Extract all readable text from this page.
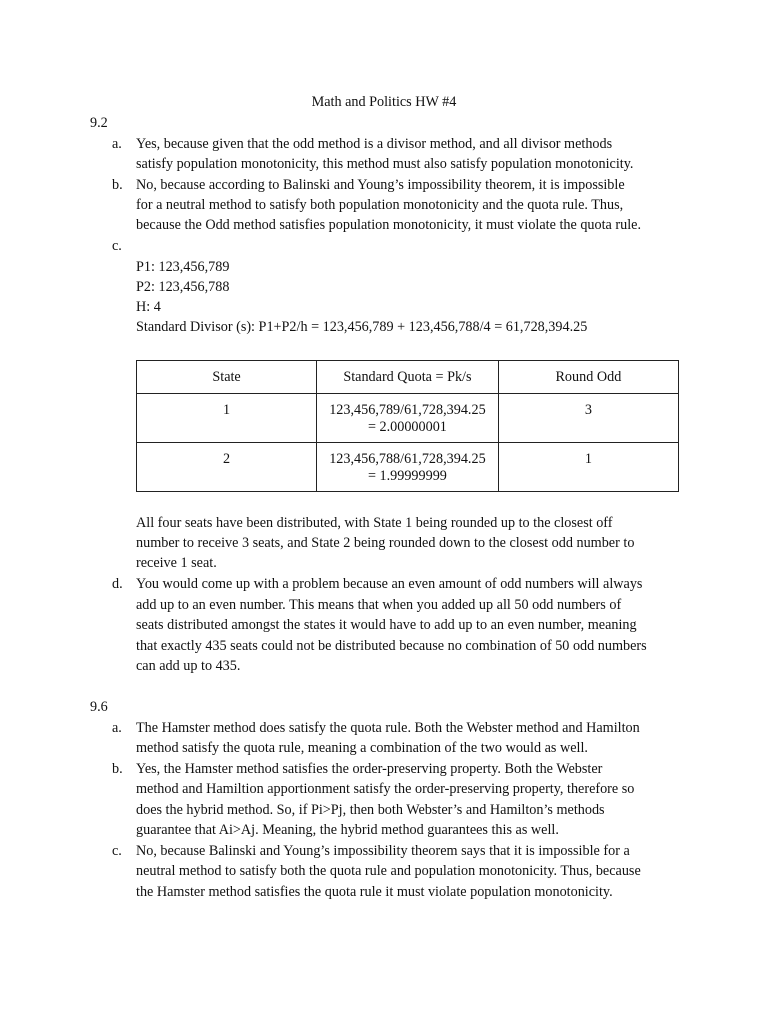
Math and Politics HW #4
9.2
a. Yes, because given that the odd method is a divisor method, and all divisor methods
satisfy population monotonicity, this method must also satisfy population monotonicity.
b. No, because according to Balinski and Young’s impossibility theorem, it is impossible
for a neutral method to satisfy both population monotonicity and the quota rule. Thus,
because the Odd method satisfies population monotonicity, it must violate the quota rule.
c.
P1: 123,456,789
P2: 123,456,788
H: 4
Standard Divisor (s): P1+P2/h = 123,456,789 + 123,456,788/4 = 61,728,394.25
State	Standard Quota = Pk/s	Round Odd
1	123,456,789/61,728,394.25
= 2.00000001	3
2	123,456,788/61,728,394.25
= 1.99999999	1
All four seats have been distributed, with State 1 being rounded up to the closest off
number to receive 3 seats, and State 2 being rounded down to the closest odd number to
receive 1 seat.
d. You would come up with a problem because an even amount of odd numbers will always
add up to an even number. This means that when you added up all 50 odd numbers of
seats distributed amongst the states it would have to add up to an even number, meaning
that exactly 435 seats could not be distributed because no combination of 50 odd numbers
can add up to 435.
9.6
a. The Hamster method does satisfy the quota rule. Both the Webster method and Hamilton
method satisfy the quota rule, meaning a combination of the two would as well.
b. Yes, the Hamster method satisfies the order-preserving property. Both the Webster
method and Hamiltion apportionment satisfy the order-preserving property, therefore so
does the hybrid method. So, if Pi>Pj, then both Webster’s and Hamilton’s methods
guarantee that Ai>Aj. Meaning, the hybrid method guarantees this as well.
c. No, because Balinski and Young’s impossibility theorem says that it is impossible for a
neutral method to satisfy both the quota rule and population monotonicity. Thus, because
the Hamster method satisfies the quota rule it must violate population monotonicity.
